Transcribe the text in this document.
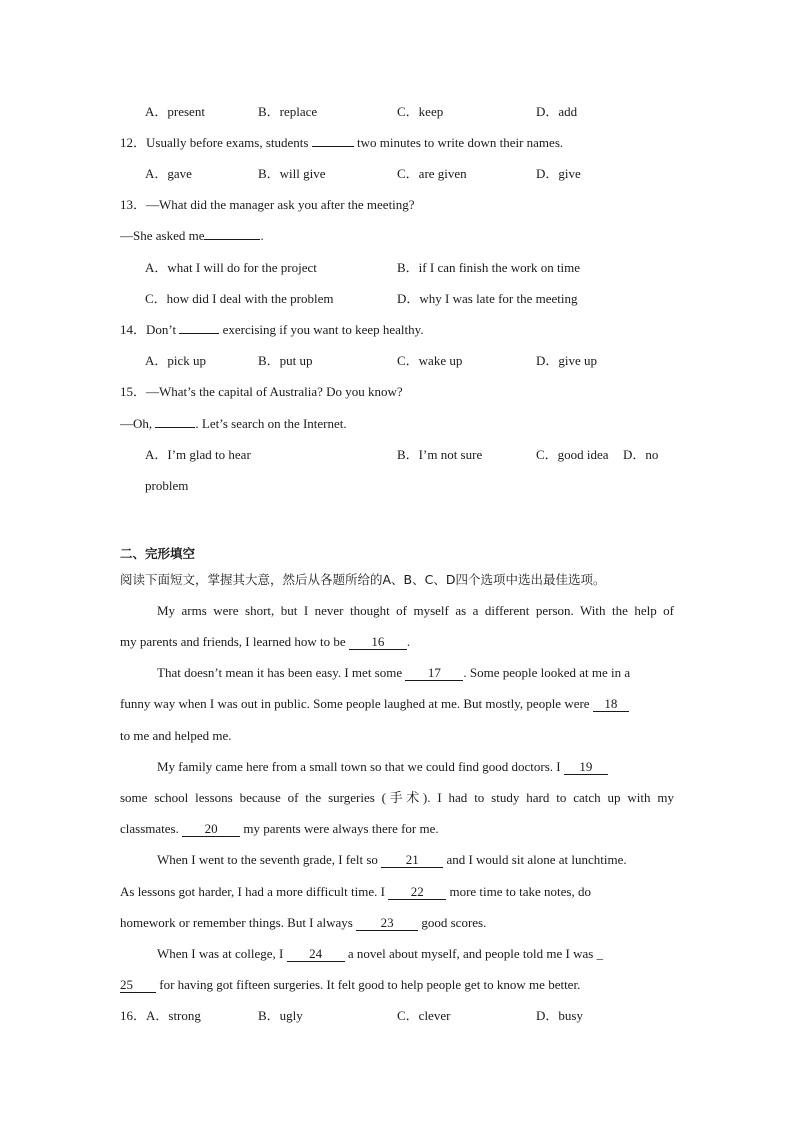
A．present	B．replace	C．keep	D．add
12．Usually before exams, students	two minutes to write down their names.
A．gave	B．will give	C．are given	D．give
13．—What did the manager ask you after the meeting?
—She asked me	.
A．what I will do for the project	B．if I can finish the work on time
C．how did I deal with the problem	D．why I was late for the meeting
14．Don’t	exercising if you want to keep healthy.
A．pick up	B．put up	C．wake up	D．give up
15．—What’s the capital of Australia? Do you know?
—Oh,	. Let’s search on the Internet.
A．I’m glad to hear	B．I’m not sure	C．good idea D．no
problem
二、完形填空
阅读下面短文，掌握其大意，然后从各题所给的A、B、C、D四个选项中选出最佳选项。
My arms were short, but I never thought of myself as a different person. With the help of
my parents and friends, I learned how to be 16 .
That doesn’t mean it has been easy. I met some 17 . Some people looked at me in a
funny way when I was out in public. Some people laughed at me. But mostly, people were 18
to me and helped me.
My family came here from a small town so that we could find good doctors. I 19
some school lessons because of the surgeries (手术). I had to study hard to catch up with my
classmates. 20 my parents were always there for me.
When I went to the seventh grade, I felt so 21 and I would sit alone at lunchtime.
As lessons got harder, I had a more difficult time. I 22 more time to take notes, do
homework or remember things. But I always 23 good scores.
When I was at college, I 24 a novel about myself, and people told me I was _
25 for having got fifteen surgeries. It felt good to help people get to know me better.
16．A．strong	B．ugly	C．clever	D．busy
